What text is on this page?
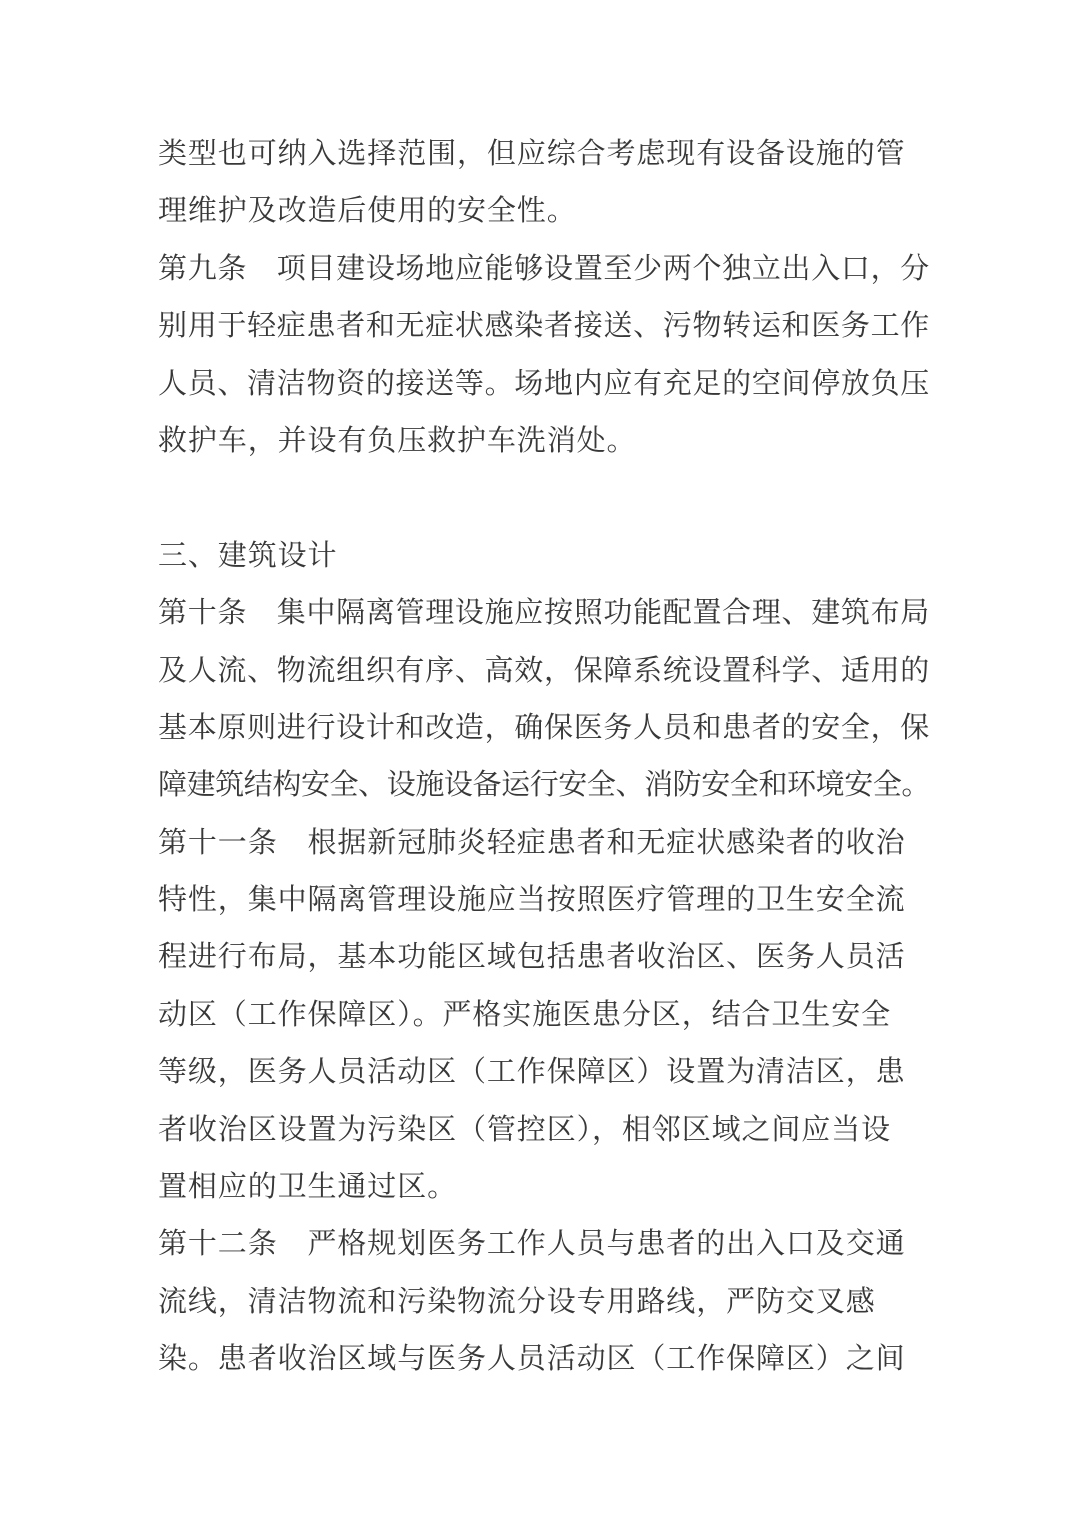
类型也可纳入选择范围，但应综合考虑现有设备设施的管
理维护及改造后使用的安全性。
第九条　项目建设场地应能够设置至少两个独立出入口，分
别用于轻症患者和无症状感染者接送、污物转运和医务工作
人员、清洁物资的接送等。场地内应有充足的空间停放负压
救护车，并设有负压救护车洗消处。
三、建筑设计
第十条　集中隔离管理设施应按照功能配置合理、建筑布局
及人流、物流组织有序、高效，保障系统设置科学、适用的
基本原则进行设计和改造，确保医务人员和患者的安全，保
障建筑结构安全、设施设备运行安全、消防安全和环境安全。
第十一条　根据新冠肺炎轻症患者和无症状感染者的收治
特性，集中隔离管理设施应当按照医疗管理的卫生安全流
程进行布局，基本功能区域包括患者收治区、医务人员活
动区（工作保障区）。严格实施医患分区，结合卫生安全
等级，医务人员活动区（工作保障区）设置为清洁区，患
者收治区设置为污染区（管控区），相邻区域之间应当设
置相应的卫生通过区。
第十二条　严格规划医务工作人员与患者的出入口及交通
流线，清洁物流和污染物流分设专用路线，严防交叉感
染。患者收治区域与医务人员活动区（工作保障区）之间
